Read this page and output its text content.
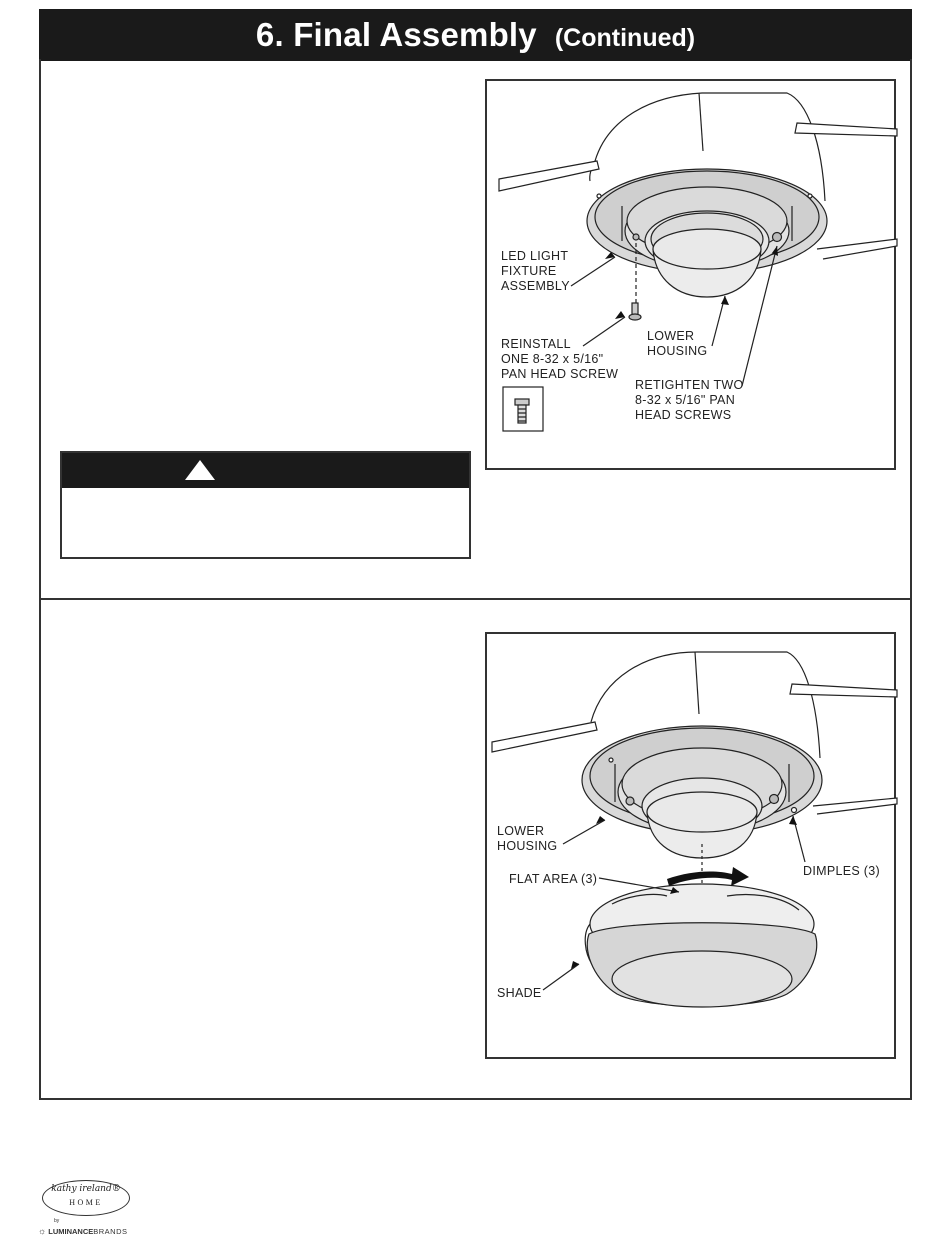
6. Final Assembly (Continued)
LED LIGHT
FIXTURE
ASSEMBLY
REINSTALL
ONE 8-32 x 5/16"
PAN HEAD SCREW
LOWER
HOUSING
RETIGHTEN TWO
8-32 x 5/16" PAN
HEAD SCREWS
LOWER
HOUSING
DIMPLES (3)
FLAT AREA (3)
SHADE
kathy ireland®
HOME
by
☼ LUMINANCE BRANDS
